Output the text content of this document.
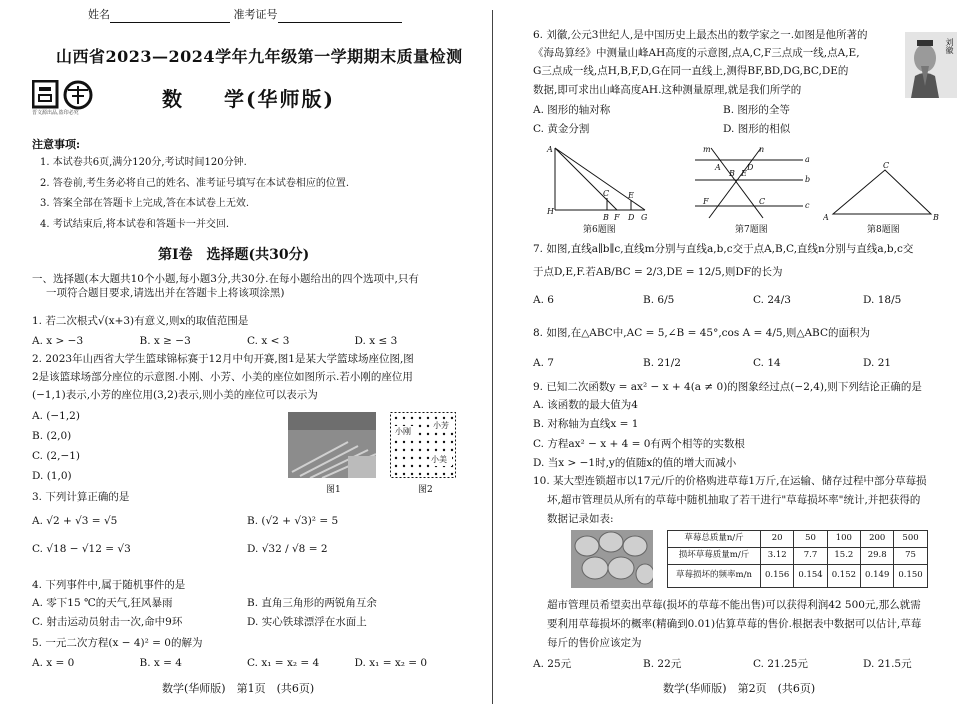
姓名	准考证号
山西省2023—2024学年九年级第一学期期末质量检测
晋文源出品,盗印必究
数 学(华师版)
注意事项:
1. 本试卷共6页,满分120分,考试时间120分钟.
2. 答卷前,考生务必将自己的姓名、准考证号填写在本试卷相应的位置.
3. 答案全部在答题卡上完成,答在本试卷上无效.
4. 考试结束后,将本试卷和答题卡一并交回.
第Ⅰ卷　选择题(共30分)

一、选择题(本大题共10个小题,每小题3分,共30分.在每小题给出的四个选项中,只有

一项符合题目要求,请选出并在答题卡上将该项涂黑)

1. 若二次根式√(x+3)有意义,则x的取值范围是

A. x > −3	B. x ≥ −3	C. x < 3	D. x ≤ 3

2. 2023年山西省大学生篮球锦标赛于12月中旬开赛,图1是某大学篮球场座位图,图

2是该篮球场部分座位的示意图.小刚、小芳、小美的座位如图所示.若小刚的座位用

(−1,1)表示,小芳的座位用(3,2)表示,则小美的座位可以表示为

A. (−1,2)
B. (2,0)
C. (2,−1)
D. (1,0)
图1
小刚
小芳
小美
图2

3. 下列计算正确的是

A. √2 + √3 = √5	B. (√2 + √3)² = 5
C. √18 − √12 = √3	D. √32 / √8 = 2

4. 下列事件中,属于随机事件的是

A. 零下15 ℃的天气,狂风暴雨	B. 直角三角形的两锐角互余
C. 射击运动员射击一次,命中9环	D. 实心铁球漂浮在水面上

5. 一元二次方程(x − 4)² = 0的解为

A. x = 0	B. x = 4	C. x₁ = x₂ = 4	D. x₁ = x₂ = 0
数学(华师版)　第1页　(共6页)

6. 刘徽,公元3世纪人,是中国历史上最杰出的数学家之一.如图是他所著的

《海岛算经》中测量山峰AH高度的示意图,点A,C,F三点成一线,点A,E,

G三点成一线,点H,B,F,D,G在同一直线上,测得BF,BD,DG,BC,DE的

数据,即可求出山峰高度AH.这种测量原理,就是我们所学的

A. 图形的轴对称	B. 图形的全等
C. 黄金分割	D. 图形的相似
刘徽
A
H
C E
B F D G
第6题图
m	n
a
b
c
A	D
B E
F	C
第7题图
A
C
B
第8题图

7. 如图,直线a∥b∥c,直线m分别与直线a,b,c交于点A,B,C,直线n分别与直线a,b,c交

于点D,E,F.若AB/BC = 2/3,DE = 12/5,则DF的长为

A. 6	B. 6/5	C. 24/3	D. 18/5

8. 如图,在△ABC中,AC = 5,∠B = 45°,cos A = 4/5,则△ABC的面积为

A. 7	B. 21/2	C. 14	D. 21

9. 已知二次函数y = ax² − x + 4(a ≠ 0)的图象经过点(−2,4),则下列结论正确的是

A. 该函数的最大值为4
B. 对称轴为直线x = 1
C. 方程ax² − x + 4 = 0有两个相等的实数根
D. 当x > −1时,y的值随x的值的增大而减小

10. 某大型连锁超市以17元/斤的价格购进草莓1万斤,在运输、储存过程中部分草莓损

坏,超市管理员从所有的草莓中随机抽取了若干进行"草莓损坏率"统计,并把获得的

数据记录如表:

草莓总质量n/斤	20	50	100	200	500
损坏草莓质量m/斤	3.12	7.7	15.2	29.8	75
草莓损坏的频率m/n	0.156	0.154	0.152	0.149	0.150

超市管理员希望卖出草莓(损坏的草莓不能出售)可以获得利润42 500元,那么就需

要利用草莓损坏的概率(精确到0.01)估算草莓的售价.根据表中数据可以估计,草莓

每斤的售价应该定为

A. 25元	B. 22元	C. 21.25元	D. 21.5元
数学(华师版)　第2页　(共6页)
